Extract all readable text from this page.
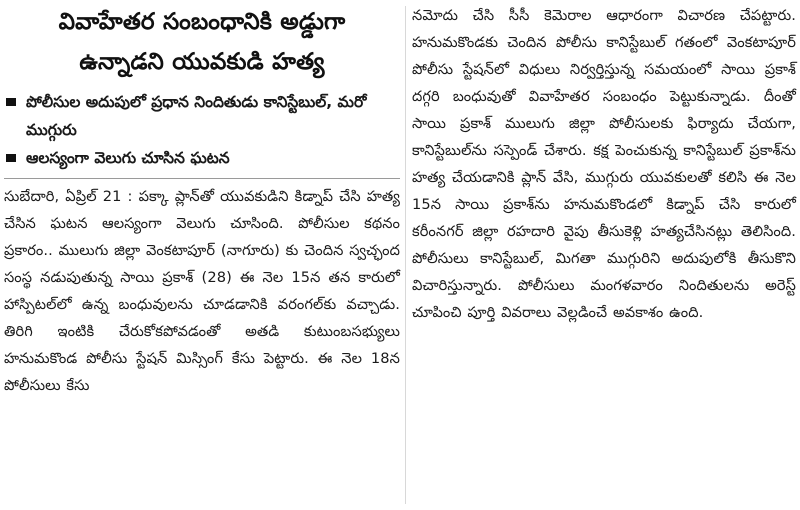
వివాహేతర సంబంధానికి అడ్డుగా
ఉన్నాడని యువకుడి హత్య
పోలీసుల అదుపులో ప్రధాన నిందితుడు కానిస్టేబుల్, మరో ముగ్గురు
ఆలస్యంగా వెలుగు చూసిన ఘటన

సుబేదారి, ఏప్రిల్ 21 : పక్కా ప్లాన్‌తో యువకుడిని కిడ్నాప్ చేసి హత్య చేసిన ఘటన ఆలస్యంగా వెలుగు చూసింది. పోలీసుల కథనం ప్రకారం.. ములుగు జిల్లా వెంకటాపూర్ (నాగూరు) కు చెందిన స్వచ్ఛంద సంస్థ నడుపుతున్న సాయి ప్రకాశ్ (28) ఈ నెల 15న తన కారులో హాస్పిటల్‌లో ఉన్న బంధువులను చూడడానికి వరంగల్‌కు వచ్చాడు. తిరిగి ఇంటికి చేరుకోకపోవడంతో అతడి కుటుంబసభ్యులు హనుమకొండ పోలీసు స్టేషన్ మిస్సింగ్ కేసు పెట్టారు. ఈ నెల 18న పోలీసులు కేసు

నమోదు చేసి సీసీ కెమెరాల ఆధారంగా విచారణ చేపట్టారు. హనుమకొండకు చెందిన పోలీసు కానిస్టేబుల్ గతంలో వెంకటాపూర్ పోలీసు స్టేషన్‌లో విధులు నిర్వర్తిస్తున్న సమయంలో సాయి ప్రకాశ్ దగ్గరి బంధువుతో వివాహేతర సంబంధం పెట్టుకున్నాడు. దీంతో సాయి ప్రకాశ్ ములుగు జిల్లా పోలీసులకు ఫిర్యాదు చేయగా, కానిస్టేబుల్‌ను సస్పెండ్ చేశారు. కక్ష పెంచుకున్న కానిస్టేబుల్ ప్రకాశ్‌ను హత్య చేయడానికి ప్లాన్ వేసి, ముగ్గురు యువకులతో కలిసి ఈ నెల 15న సాయి ప్రకాశ్‌ను హనుమకొండలో కిడ్నాప్ చేసి కారులో కరీంనగర్ జిల్లా రహదారి వైపు తీసుకెళ్లి హత్యచేసినట్లు తెలిసింది. పోలీసులు కానిస్టేబుల్, మిగతా ముగ్గురిని అదుపులోకి తీసుకొని విచారిస్తున్నారు. పోలీసులు మంగళవారం నిందితులను అరెస్ట్ చూపించి పూర్తి వివరాలు వెల్లడించే అవకాశం ఉంది.
